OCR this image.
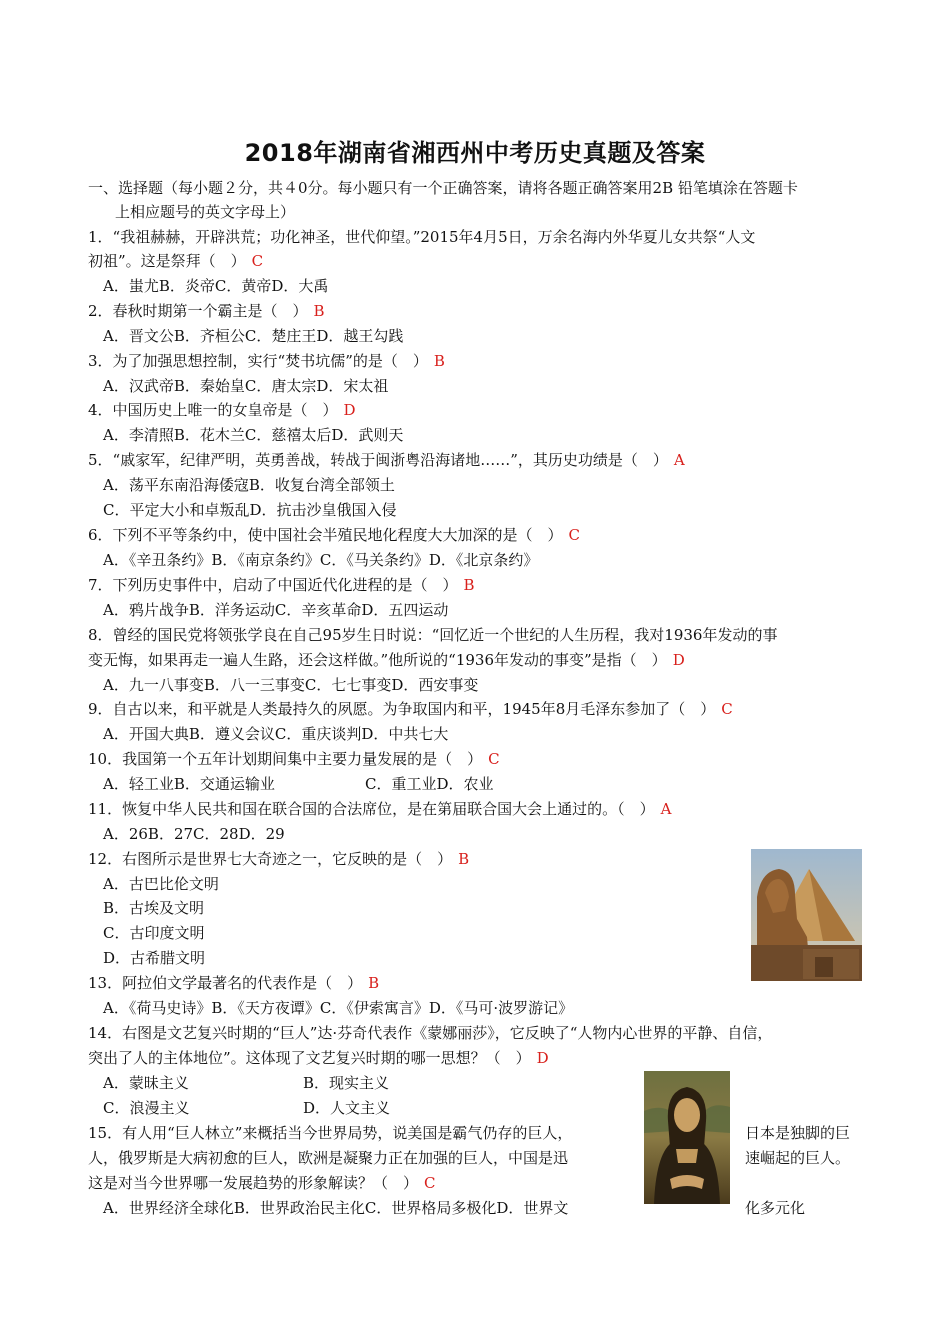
2018年湖南省湘西州中考历史真题及答案
一、选择题（每小题２分，共４0分。每小题只有一个正确答案，请将各题正确答案用2B 铅笔填涂在答题卡
上相应题号的英文字母上）
1．“我祖赫赫，开辟洪荒；功化神圣，世代仰望。”2015年4月5日，万余名海内外华夏儿女共祭“人文
初祖”。这是祭拜（　） C
A．蚩尤B．炎帝C．黄帝D．大禹
2．春秋时期第一个霸主是（　） B
A．晋文公B．齐桓公C．楚庄王D．越王勾践
3．为了加强思想控制，实行“焚书坑儒”的是（　） B
A．汉武帝B．秦始皇C．唐太宗D．宋太祖
4．中国历史上唯一的女皇帝是（　） D
A．李清照B．花木兰C．慈禧太后D．武则天
5．“戚家军，纪律严明，英勇善战，转战于闽浙粤沿海诸地……”，其历史功绩是（　） A
A．荡平东南沿海倭寇B．收复台湾全部领土
C．平定大小和卓叛乱D．抗击沙皇俄国入侵
6．下列不平等条约中，使中国社会半殖民地化程度大大加深的是（　） C
A．《辛丑条约》B．《南京条约》C．《马关条约》D．《北京条约》
7．下列历史事件中，启动了中国近代化进程的是（　） B
A．鸦片战争B．洋务运动C．辛亥革命D．五四运动
8．曾经的国民党将领张学良在自己95岁生日时说：“回忆近一个世纪的人生历程，我对1936年发动的事
变无悔，如果再走一遍人生路，还会这样做。”他所说的“1936年发动的事变”是指（　） D
A．九一八事变B．八一三事变C．七七事变D．西安事变
9．自古以来，和平就是人类最持久的夙愿。为争取国内和平，1945年8月毛泽东参加了（　） C
A．开国大典B．遵义会议C．重庆谈判D．中共七大
10．我国第一个五年计划期间集中主要力量发展的是（　） C
A．轻工业B．交通运输业	C．重工业D．农业
11．恢复中华人民共和国在联合国的合法席位，是在第届联合国大会上通过的。（　） A
A．26B．27C．28D．29
12．右图所示是世界七大奇迹之一，它反映的是（　） B
A．古巴比伦文明
B．古埃及文明
C．古印度文明
D．古希腊文明
13．阿拉伯文学最著名的代表作是（　） B
A．《荷马史诗》B．《天方夜谭》C．《伊索寓言》D．《马可·波罗游记》
14．右图是文艺复兴时期的“巨人”达·芬奇代表作《蒙娜丽莎》，它反映了“人物内心世界的平静、自信，
突出了人的主体地位”。这体现了文艺复兴时期的哪一思想？（　） D
A．蒙昧主义	B．现实主义
C．浪漫主义	D．人文主义
15．有人用“巨人林立”来概括当今世界局势，说美国是霸气仍存的巨人，	日本是独脚的巨
人，俄罗斯是大病初愈的巨人，欧洲是凝聚力正在加强的巨人，中国是迅	速崛起的巨人。
这是对当今世界哪一发展趋势的形象解读？（　） C
A．世界经济全球化B．世界政治民主化C．世界格局多极化D．世界文	化多元化
